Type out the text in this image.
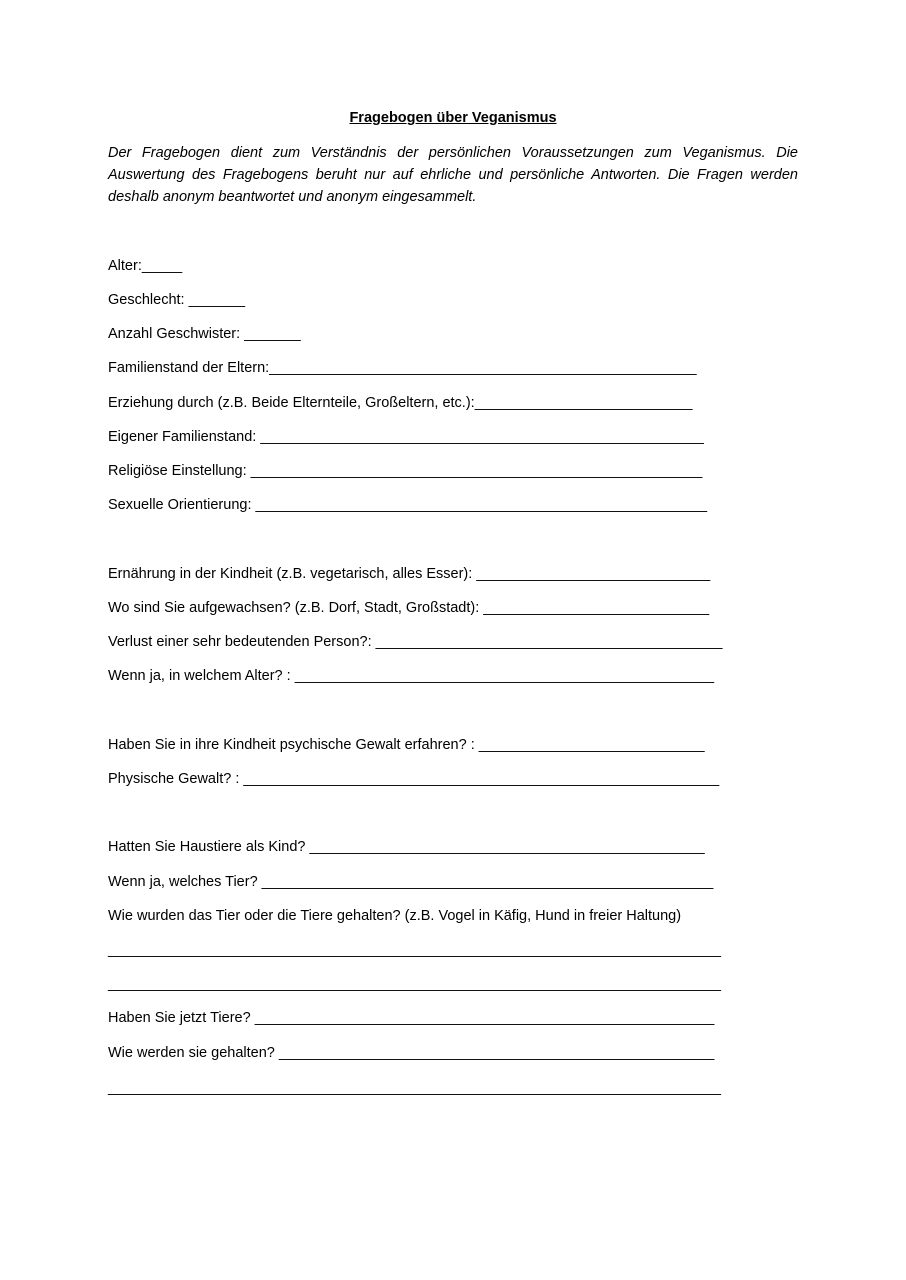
Fragebogen über Veganismus
Der Fragebogen dient zum Verständnis der persönlichen Voraussetzungen zum Veganismus. Die Auswertung des Fragebogens beruht nur auf ehrliche und persönliche Antworten. Die Fragen werden deshalb anonym beantwortet und anonym eingesammelt.
Alter:_____
Geschlecht: _______
Anzahl Geschwister: _______
Familienstand der Eltern:_____________________________________________________
Erziehung durch (z.B. Beide Elternteile, Großeltern, etc.):___________________________
Eigener Familienstand: _______________________________________________________
Religiöse Einstellung: ________________________________________________________
Sexuelle Orientierung: ________________________________________________________
Ernährung in der Kindheit (z.B. vegetarisch, alles Esser): _____________________________
Wo sind Sie aufgewachsen? (z.B. Dorf, Stadt, Großstadt): ____________________________
Verlust einer sehr bedeutenden Person?: ___________________________________________
Wenn ja, in welchem Alter? : ____________________________________________________
Haben Sie in ihre Kindheit psychische Gewalt erfahren? : ____________________________
Physische Gewalt? : ___________________________________________________________
Hatten Sie Haustiere als Kind? _________________________________________________
Wenn ja, welches Tier? ________________________________________________________
Wie wurden das Tier oder die Tiere gehalten? (z.B. Vogel in Käfig, Hund in freier Haltung)
____________________________________________________________________________
____________________________________________________________________________
Haben Sie jetzt Tiere? _________________________________________________________
Wie werden sie gehalten? ______________________________________________________
____________________________________________________________________________
